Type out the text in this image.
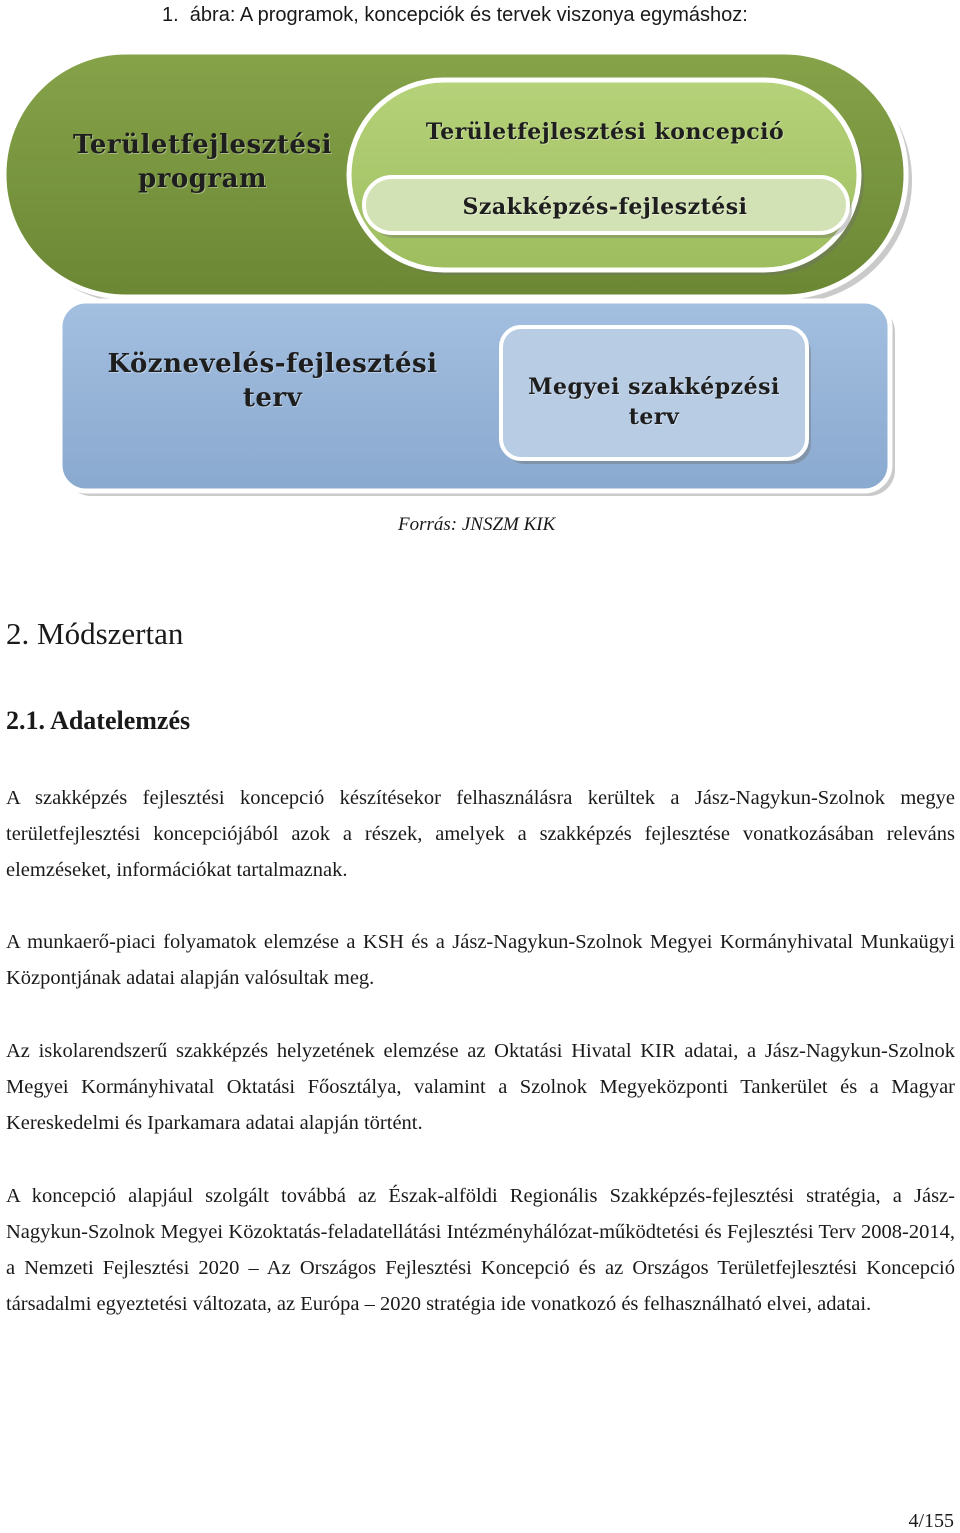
1.  ábra: A programok, koncepciók és tervek viszonya egymáshoz:
Területfejlesztési program
Területfejlesztési koncepció
Szakképzés-fejlesztési
Köznevelés-fejlesztési terv	Megyei szakképzési terv
Forrás: JNSZM KIK
2. Módszertan
2.1. Adatelemzés

A szakképzés fejlesztési koncepció készítésekor felhasználásra kerültek a Jász-Nagykun-Szolnok megye területfejlesztési koncepciójából azok a részek, amelyek a szakképzés fejlesztése vonatkozásában releváns elemzéseket, információkat tartalmaznak.

A munkaerő-piaci folyamatok elemzése a KSH és a Jász-Nagykun-Szolnok Megyei Kormányhivatal Munkaügyi Központjának adatai alapján valósultak meg.

Az iskolarendszerű szakképzés helyzetének elemzése az Oktatási Hivatal KIR adatai, a Jász-Nagykun-Szolnok Megyei Kormányhivatal Oktatási Főosztálya, valamint a Szolnok Megyeközponti Tankerület és a Magyar Kereskedelmi és Iparkamara adatai alapján történt.

A koncepció alapjául szolgált továbbá az Észak-alföldi Regionális Szakképzés-fejlesztési stratégia, a Jász-Nagykun-Szolnok Megyei Közoktatás-feladatellátási Intézményhálózat-működtetési és Fejlesztési Terv 2008-2014, a Nemzeti Fejlesztési 2020 – Az Országos Fejlesztési Koncepció és az Országos Területfejlesztési Koncepció társadalmi egyeztetési változata, az Európa – 2020 stratégia ide vonatkozó és felhasználható elvei, adatai.

4/155
